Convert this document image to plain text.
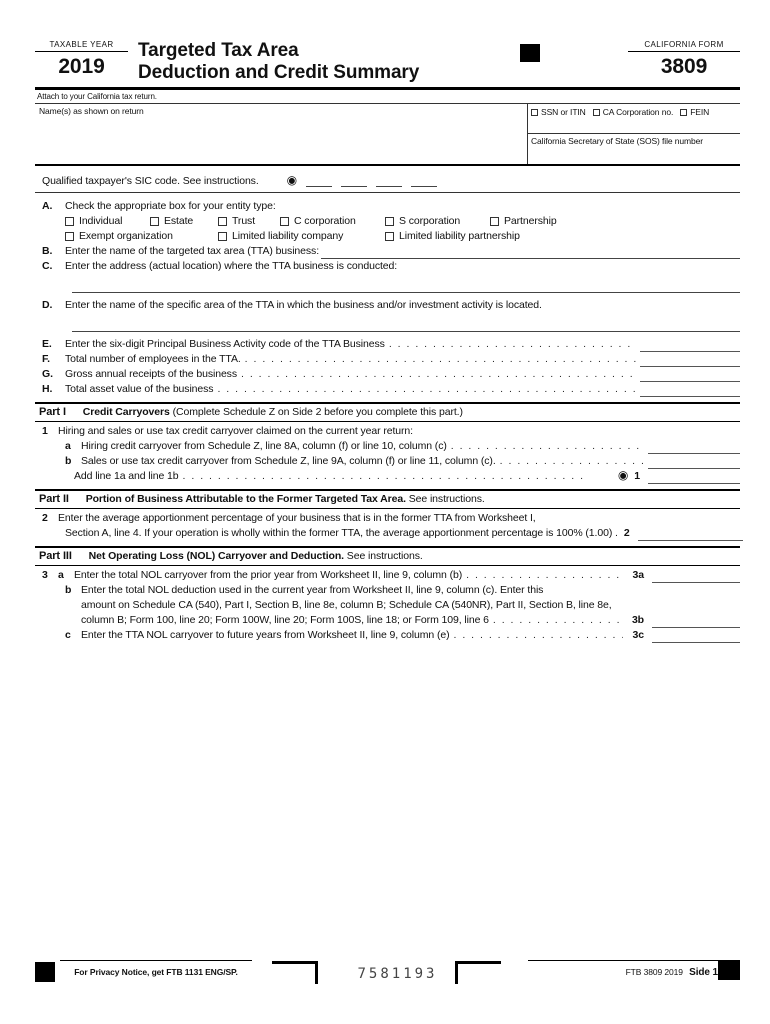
TAXABLE YEAR
2019
Targeted Tax Area
Deduction and Credit Summary
CALIFORNIA FORM
3809
Attach to your California tax return.
Name(s) as shown on return	SSN or ITIN CA Corporation no. FEIN
California Secretary of State (SOS) file number
Qualified taxpayer's SIC code. See instructions. ◉
A.	Check the appropriate box for your entity type:
Individual	Estate	Trust	C corporation	S corporation	Partnership
Exempt organization	Limited liability company	Limited liability partnership
B.	Enter the name of the targeted tax area (TTA) business:
C.	Enter the address (actual location) where the TTA business is conducted:
D.	Enter the name of the specific area of the TTA in which the business and/or investment activity is located.
E.	Enter the six-digit Principal Business Activity code of the TTA Business
. . .
F.	Total number of employees in the TTA.
. . .
G.	Gross annual receipts of the business
. . .
H.	Total asset value of the business
. . .
Part I Credit Carryovers (Complete Schedule Z on Side 2 before you complete this part.)
1 Hiring and sales or use tax credit carryover claimed on the current year return:
a Hiring credit carryover from Schedule Z, line 8A, column (f) or line 10, column (c)
. . .
b Sales or use tax credit carryover from Schedule Z, line 9A, column (f) or line 11, column (c).
. . .
Add line 1a and line 1b . . .	◉ 1
Part II Portion of Business Attributable to the Former Targeted Tax Area. See instructions.
2 Enter the average apportionment percentage of your business that is in the former TTA from Worksheet I,
Section A, line 4. If your operation is wholly within the former TTA, the average apportionment percentage is 100% (1.00) . 2
Part III Net Operating Loss (NOL) Carryover and Deduction. See instructions.
3 a Enter the total NOL carryover from the prior year from Worksheet II, line 9, column (b) . . .	3a
b Enter the total NOL deduction used in the current year from Worksheet II, line 9, column (c). Enter this
amount on Schedule CA (540), Part I, Section B, line 8e, column B; Schedule CA (540NR), Part II, Section B, line 8e,
column B; Form 100, line 20; Form 100W, line 20; Form 100S, line 18; or Form 109, line 6 . . .	3b
c Enter the TTA NOL carryover to future years from Worksheet II, line 9, column (e) . . .	3c
For Privacy Notice, get FTB 1131 ENG/SP.	7581193	FTB 3809 2019 Side 1
